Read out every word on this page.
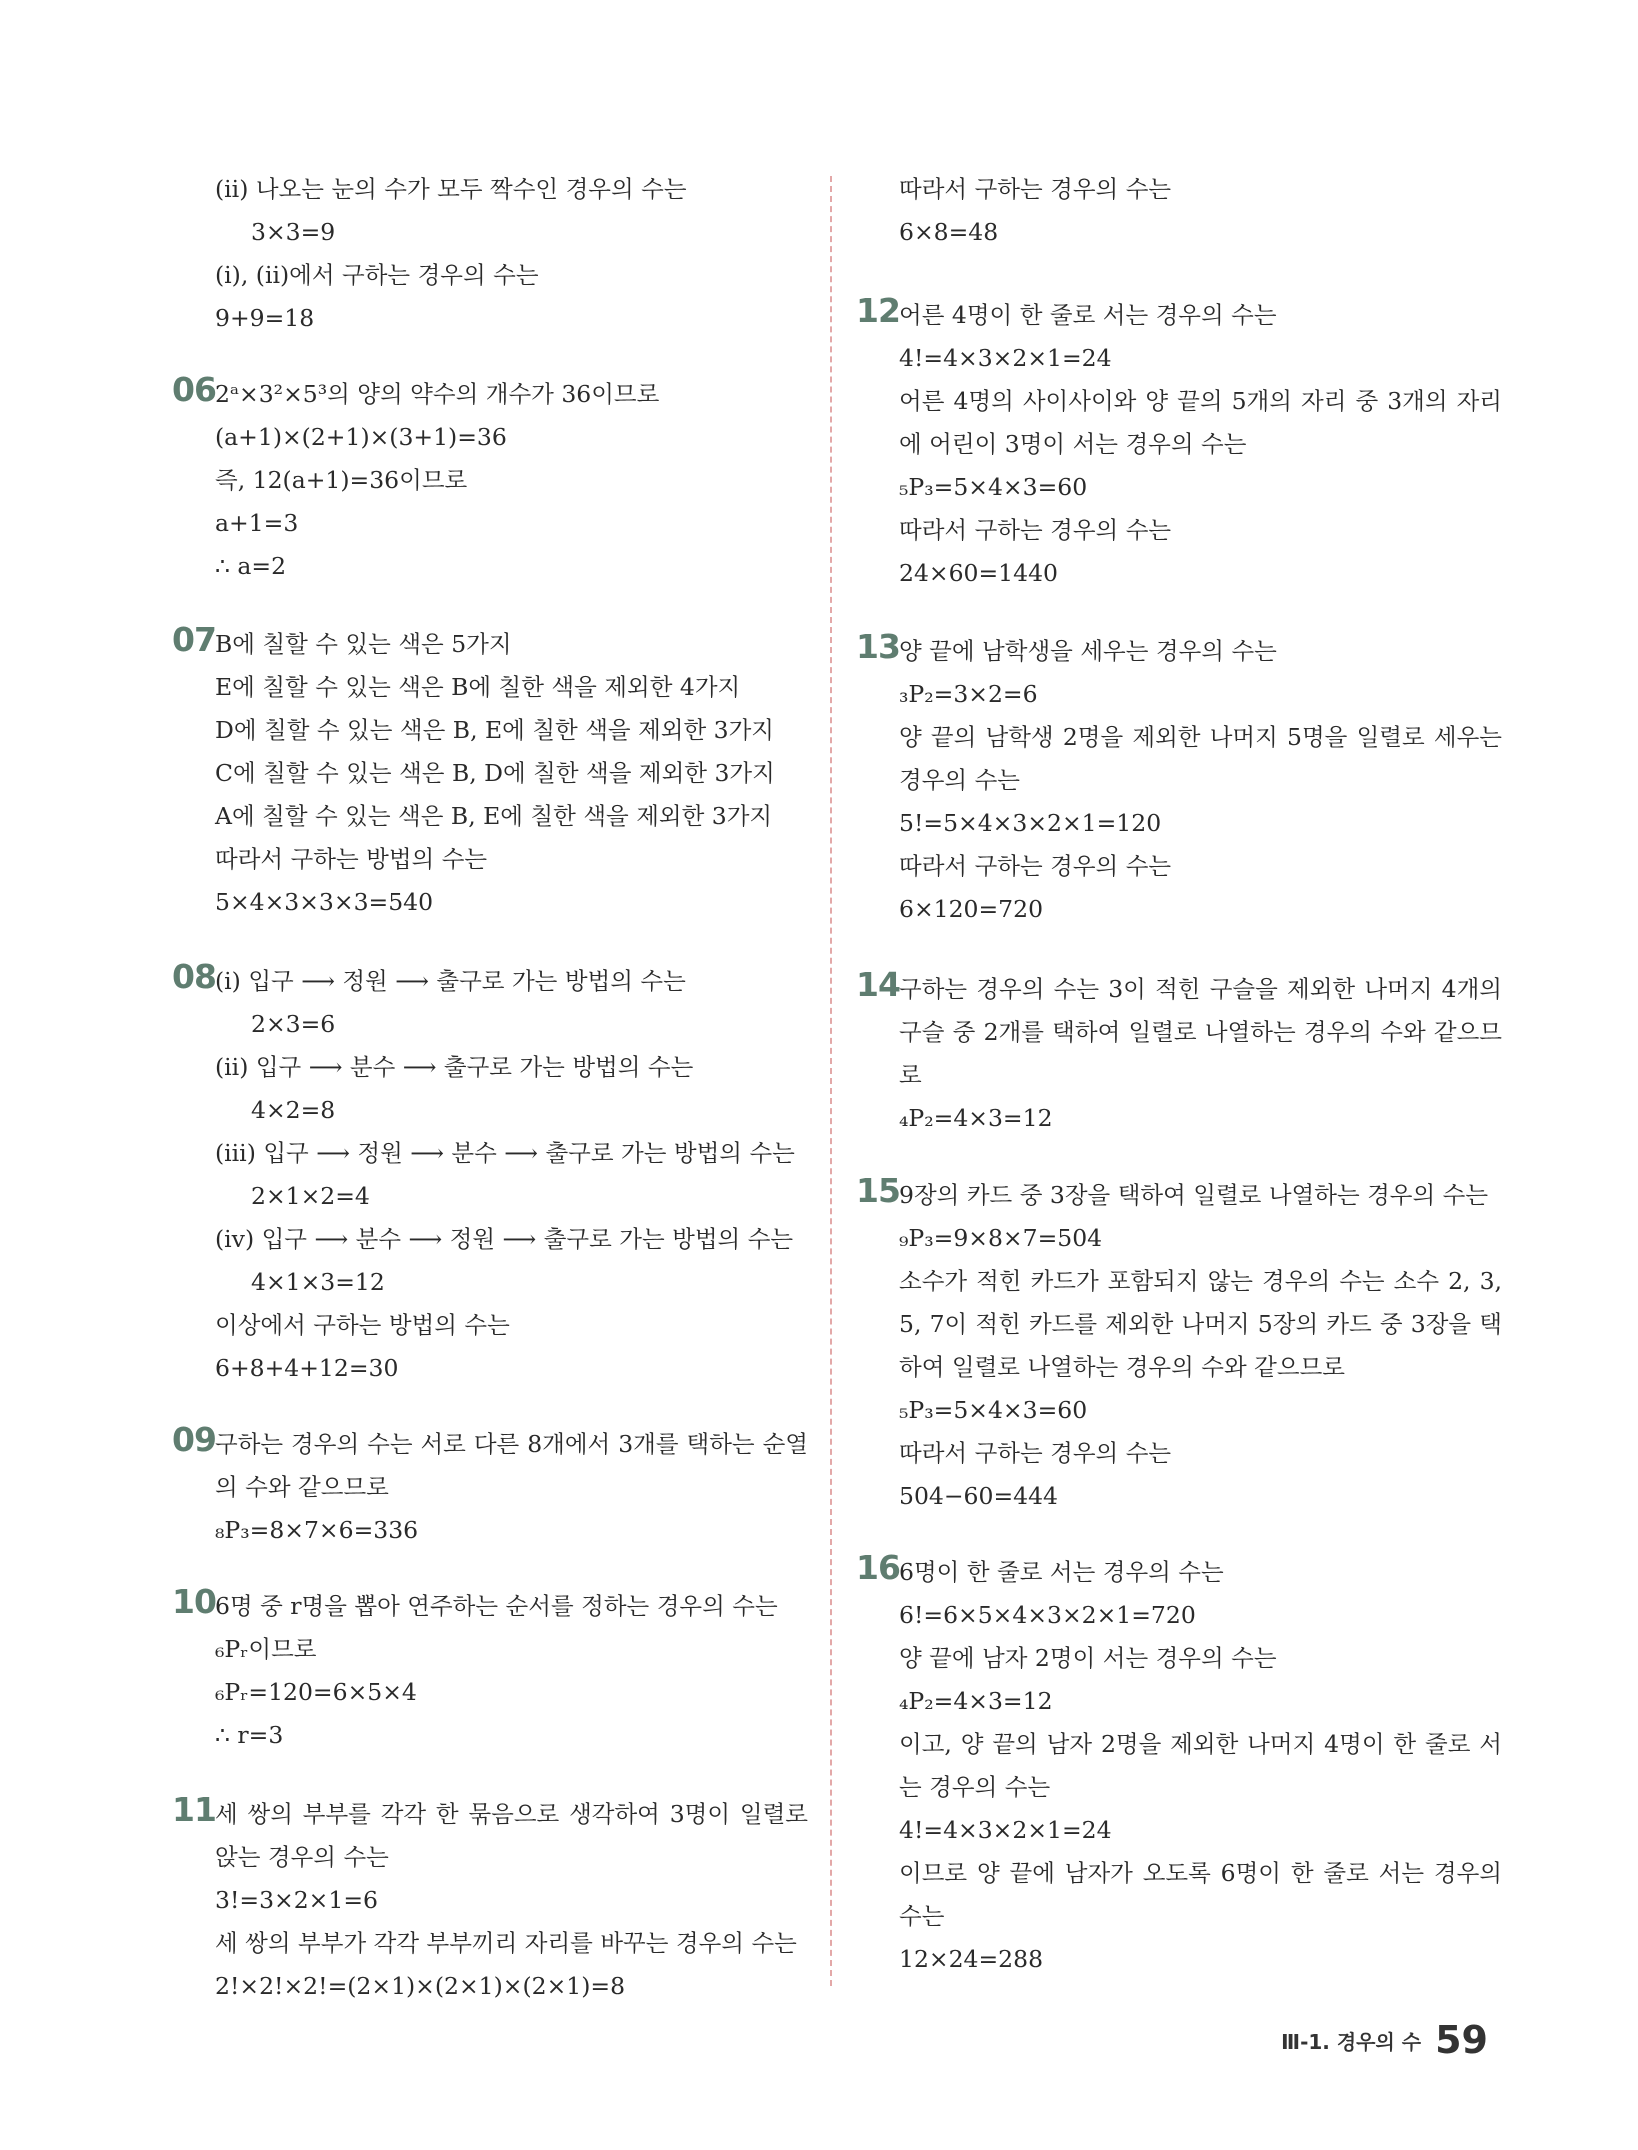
(ⅱ) 나오는 눈의 수가 모두 짝수인 경우의 수는
3×3=9
(ⅰ), (ⅱ)에서 구하는 경우의 수는
9+9=18
06 2ᵃ×3²×5³의 양의 약수의 개수가 36이므로
(a+1)×(2+1)×(3+1)=36
즉, 12(a+1)=36이므로
a+1=3
∴ a=2
07 B에 칠할 수 있는 색은 5가지
E에 칠할 수 있는 색은 B에 칠한 색을 제외한 4가지
D에 칠할 수 있는 색은 B, E에 칠한 색을 제외한 3가지
C에 칠할 수 있는 색은 B, D에 칠한 색을 제외한 3가지
A에 칠할 수 있는 색은 B, E에 칠한 색을 제외한 3가지
따라서 구하는 방법의 수는
5×4×3×3×3=540
08 (ⅰ) 입구 ⟶ 정원 ⟶ 출구로 가는 방법의 수는
2×3=6
(ⅱ) 입구 ⟶ 분수 ⟶ 출구로 가는 방법의 수는
4×2=8
(ⅲ) 입구 ⟶ 정원 ⟶ 분수 ⟶ 출구로 가는 방법의 수는
2×1×2=4
(ⅳ) 입구 ⟶ 분수 ⟶ 정원 ⟶ 출구로 가는 방법의 수는
4×1×3=12
이상에서 구하는 방법의 수는
6+8+4+12=30
09 구하는 경우의 수는 서로 다른 8개에서 3개를 택하는 순열의 수와 같으므로
₈P₃=8×7×6=336
10 6명 중 r명을 뽑아 연주하는 순서를 정하는 경우의 수는
₆Pᵣ이므로
₆Pᵣ=120=6×5×4
∴ r=3
11 세 쌍의 부부를 각각 한 묶음으로 생각하여 3명이 일렬로 앉는 경우의 수는
3!=3×2×1=6
세 쌍의 부부가 각각 부부끼리 자리를 바꾸는 경우의 수는
2!×2!×2!=(2×1)×(2×1)×(2×1)=8
따라서 구하는 경우의 수는
6×8=48
12 어른 4명이 한 줄로 서는 경우의 수는
4!=4×3×2×1=24
어른 4명의 사이사이와 양 끝의 5개의 자리 중 3개의 자리에 어린이 3명이 서는 경우의 수는
₅P₃=5×4×3=60
따라서 구하는 경우의 수는
24×60=1440
13 양 끝에 남학생을 세우는 경우의 수는
₃P₂=3×2=6
양 끝의 남학생 2명을 제외한 나머지 5명을 일렬로 세우는 경우의 수는
5!=5×4×3×2×1=120
따라서 구하는 경우의 수는
6×120=720
14 구하는 경우의 수는 3이 적힌 구슬을 제외한 나머지 4개의 구슬 중 2개를 택하여 일렬로 나열하는 경우의 수와 같으므로
₄P₂=4×3=12
15 9장의 카드 중 3장을 택하여 일렬로 나열하는 경우의 수는
₉P₃=9×8×7=504
소수가 적힌 카드가 포함되지 않는 경우의 수는 소수 2, 3, 5, 7이 적힌 카드를 제외한 나머지 5장의 카드 중 3장을 택하여 일렬로 나열하는 경우의 수와 같으므로
₅P₃=5×4×3=60
따라서 구하는 경우의 수는
504−60=444
16 6명이 한 줄로 서는 경우의 수는
6!=6×5×4×3×2×1=720
양 끝에 남자 2명이 서는 경우의 수는
₄P₂=4×3=12
이고, 양 끝의 남자 2명을 제외한 나머지 4명이 한 줄로 서는 경우의 수는
4!=4×3×2×1=24
이므로 양 끝에 남자가 오도록 6명이 한 줄로 서는 경우의 수는
12×24=288
Ⅲ-1. 경우의 수 59
